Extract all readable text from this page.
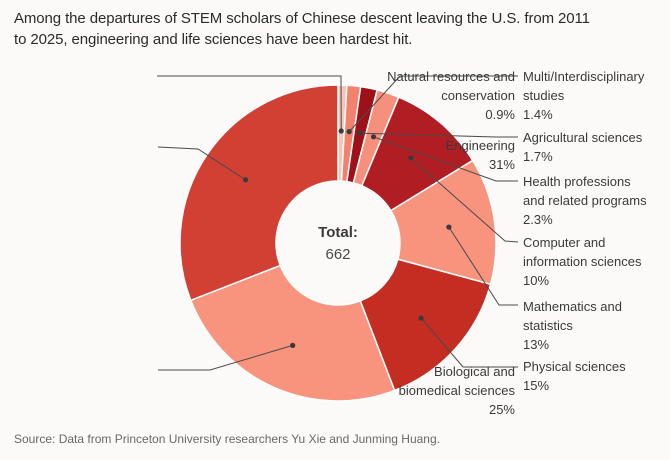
Among the departures of STEM scholars of Chinese descent leaving the U.S. from 2011
to 2025, engineering and life sciences have been hardest hit.
Natural resources and
conservation
0.9%
Multi/Interdisciplinary
studies
1.4%
Agricultural sciences
1.7%
Health professions
and related programs
2.3%
Computer and
information sciences
10%
Mathematics and
statistics
13%
Physical sciences
15%
Biological and
biomedical sciences
25%
Engineering
31%
Total:
662
Source: Data from Princeton University researchers Yu Xie and Junming Huang.
